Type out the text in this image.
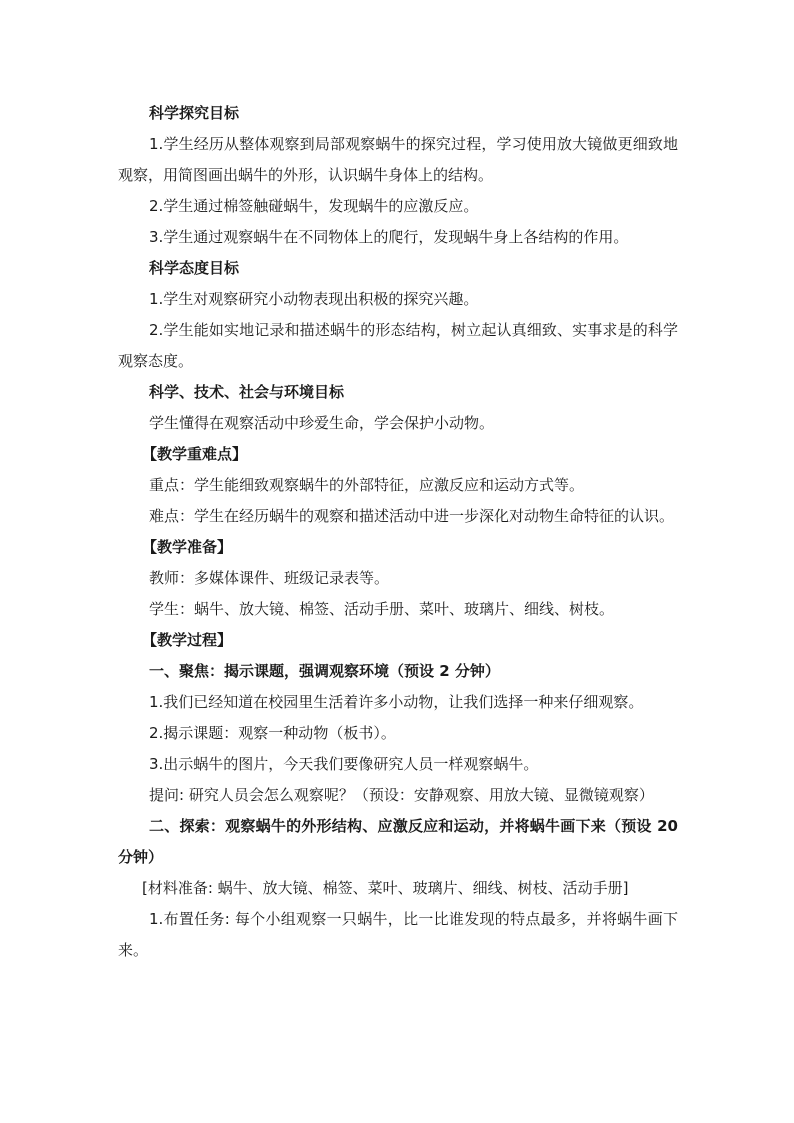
科学探究目标
1.学生经历从整体观察到局部观察蜗牛的探究过程，学习使用放大镜做更细致地观察，用简图画出蜗牛的外形，认识蜗牛身体上的结构。
2.学生通过棉签触碰蜗牛，发现蜗牛的应激反应。
3.学生通过观察蜗牛在不同物体上的爬行，发现蜗牛身上各结构的作用。
科学态度目标
1.学生对观察研究小动物表现出积极的探究兴趣。
2.学生能如实地记录和描述蜗牛的形态结构，树立起认真细致、实事求是的科学观察态度。
科学、技术、社会与环境目标
学生懂得在观察活动中珍爱生命，学会保护小动物。
【教学重难点】
重点：学生能细致观察蜗牛的外部特征，应激反应和运动方式等。
难点：学生在经历蜗牛的观察和描述活动中进一步深化对动物生命特征的认识。
【教学准备】
教师：多媒体课件、班级记录表等。
学生：蜗牛、放大镜、棉签、活动手册、菜叶、玻璃片、细线、树枝。
【教学过程】
一、聚焦：揭示课题，强调观察环境（预设 2 分钟）
1.我们已经知道在校园里生活着许多小动物，让我们选择一种来仔细观察。
2.揭示课题：观察一种动物（板书）。
3.出示蜗牛的图片，今天我们要像研究人员一样观察蜗牛。
提问: 研究人员会怎么观察呢？（预设：安静观察、用放大镜、显微镜观察）
二、探索：观察蜗牛的外形结构、应激反应和运动，并将蜗牛画下来（预设 20 分钟）
[材料准备: 蜗牛、放大镜、棉签、菜叶、玻璃片、细线、树枝、活动手册]
1.布置任务: 每个小组观察一只蜗牛，比一比谁发现的特点最多，并将蜗牛画下来。
